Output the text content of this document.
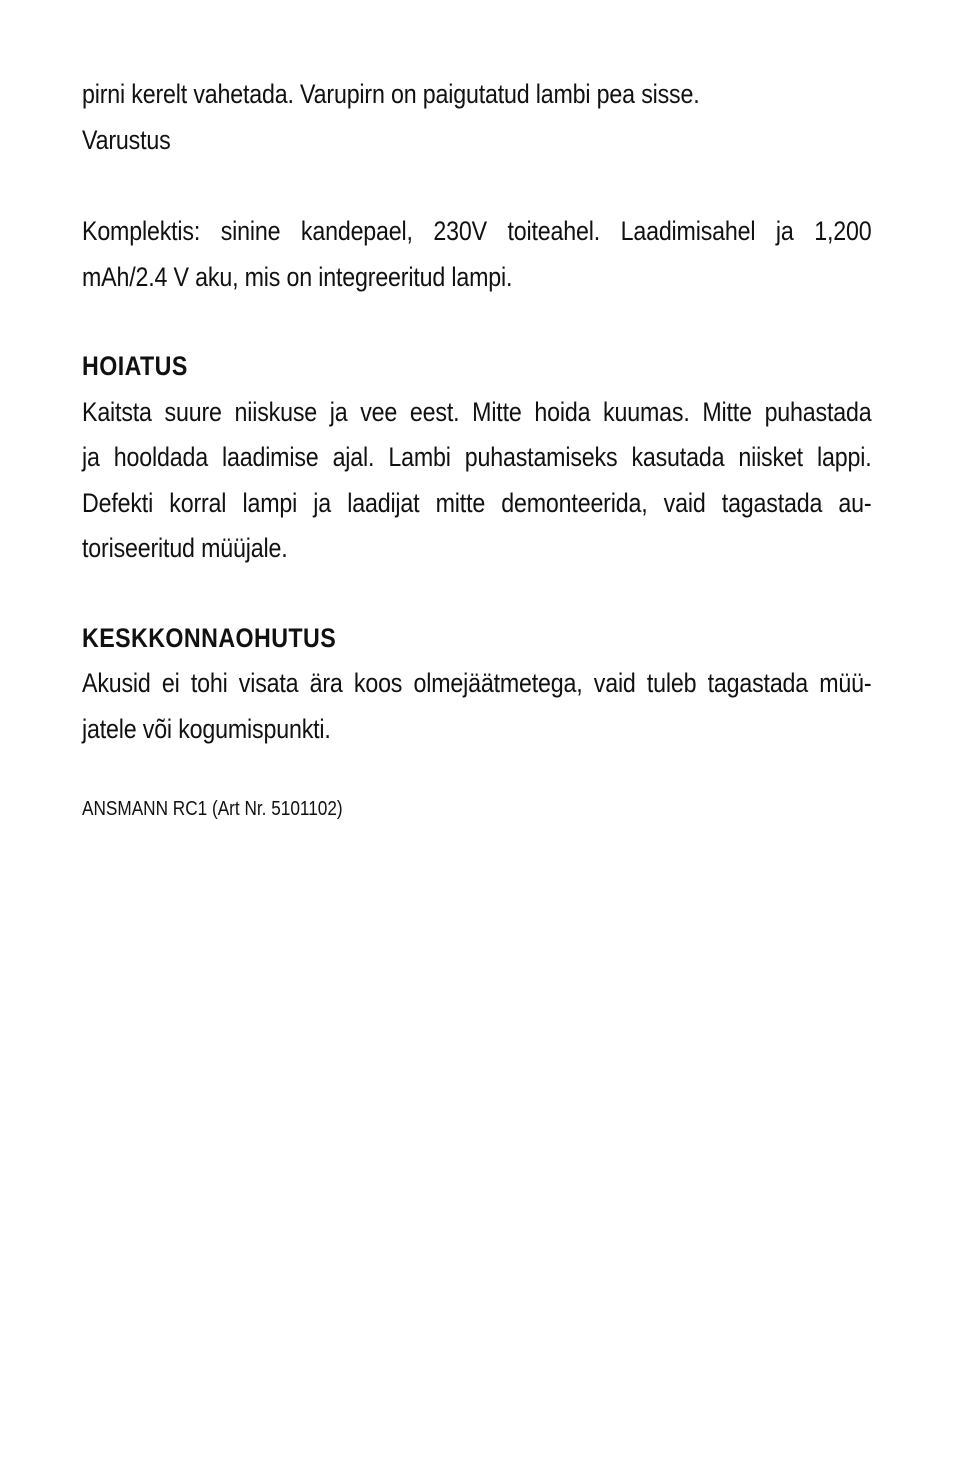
pirni kerelt vahetada. Varupirn on paigutatud lambi pea sisse.
Varustus

Komplektis: sinine kandepael, 230V toiteahel. Laadimisahel ja 1,200
mAh/2.4 V aku, mis on integreeritud lampi.

HOIATUS

Kaitsta suure niiskuse ja vee eest. Mitte hoida kuumas. Mitte puhastada
ja hooldada laadimise ajal. Lambi puhastamiseks kasutada niisket lappi.
Defekti korral lampi ja laadijat mitte demonteerida, vaid tagastada au-
toriseeritud müüjale.

KESKKONNAOHUTUS

Akusid ei tohi visata ära koos olmejäätmetega, vaid tuleb tagastada müü-
jatele või kogumispunkti.

ANSMANN RC1 (Art Nr. 5101102)
